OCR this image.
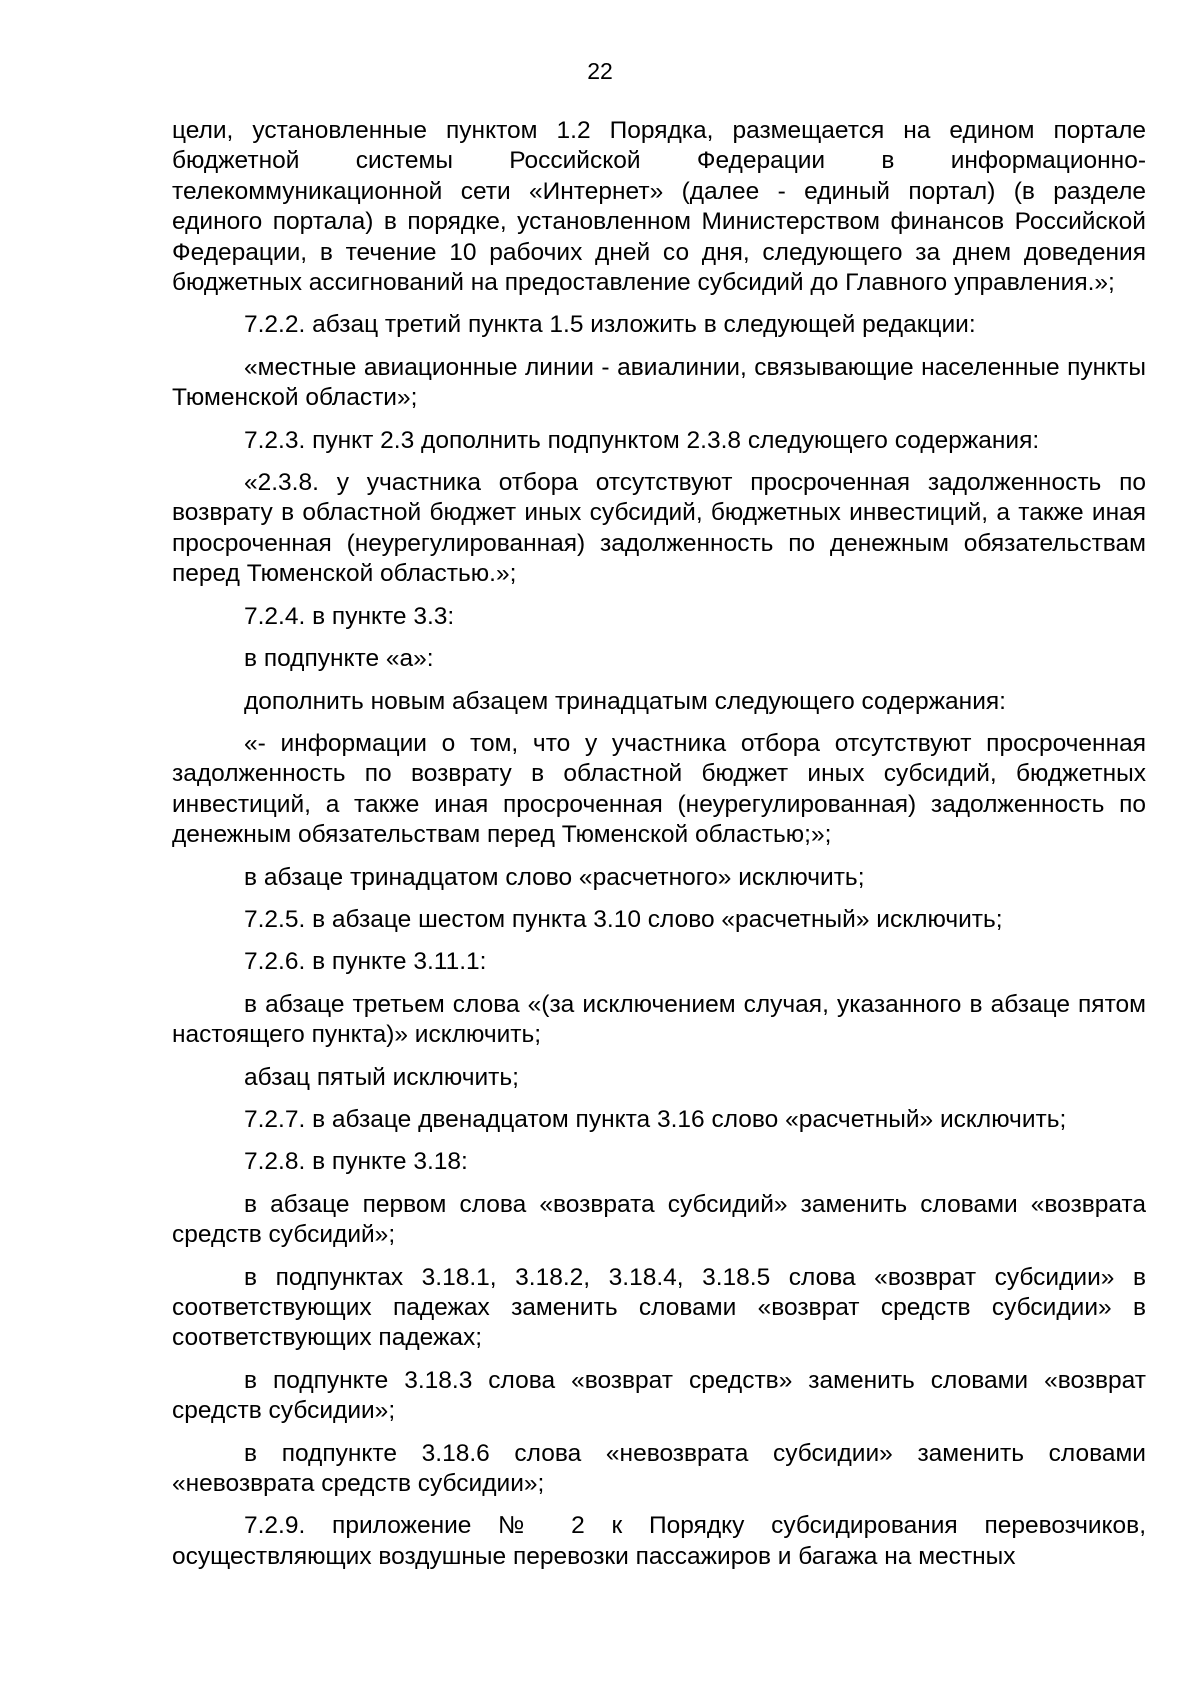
22

цели, установленные пунктом 1.2 Порядка, размещается на едином портале бюджетной системы Российской Федерации в информационно-телекоммуникационной сети «Интернет» (далее - единый портал) (в разделе единого портала) в порядке, установленном Министерством финансов Российской Федерации, в течение 10 рабочих дней со дня, следующего за днем доведения бюджетных ассигнований на предоставление субсидий до Главного управления.»;

7.2.2. абзац третий пункта 1.5 изложить в следующей редакции:

«местные авиационные линии - авиалинии, связывающие населенные пункты Тюменской области»;

7.2.3. пункт 2.3 дополнить подпунктом 2.3.8 следующего содержания:

«2.3.8. у участника отбора отсутствуют просроченная задолженность по возврату в областной бюджет иных субсидий, бюджетных инвестиций, а также иная просроченная (неурегулированная) задолженность по денежным обязательствам перед Тюменской областью.»;

7.2.4. в пункте 3.3:

в подпункте «а»:

дополнить новым абзацем тринадцатым следующего содержания:

«- информации о том, что у участника отбора отсутствуют просроченная задолженность по возврату в областной бюджет иных субсидий, бюджетных инвестиций, а также иная просроченная (неурегулированная) задолженность по денежным обязательствам перед Тюменской областью;»;

в абзаце тринадцатом слово «расчетного» исключить;

7.2.5. в абзаце шестом пункта 3.10 слово «расчетный» исключить;

7.2.6. в пункте 3.11.1:

в абзаце третьем слова «(за исключением случая, указанного в абзаце пятом настоящего пункта)» исключить;

абзац пятый исключить;

7.2.7. в абзаце двенадцатом пункта 3.16 слово «расчетный» исключить;

7.2.8. в пункте 3.18:

в абзаце первом слова «возврата субсидий» заменить словами «возврата средств субсидий»;

в подпунктах 3.18.1, 3.18.2, 3.18.4, 3.18.5 слова «возврат субсидии» в соответствующих падежах заменить словами «возврат средств субсидии» в соответствующих падежах;

в подпункте 3.18.3 слова «возврат средств» заменить словами «возврат средств субсидии»;

в подпункте 3.18.6 слова «невозврата субсидии» заменить словами «невозврата средств субсидии»;

7.2.9. приложение № 2 к Порядку субсидирования перевозчиков, осуществляющих воздушные перевозки пассажиров и багажа на местных
